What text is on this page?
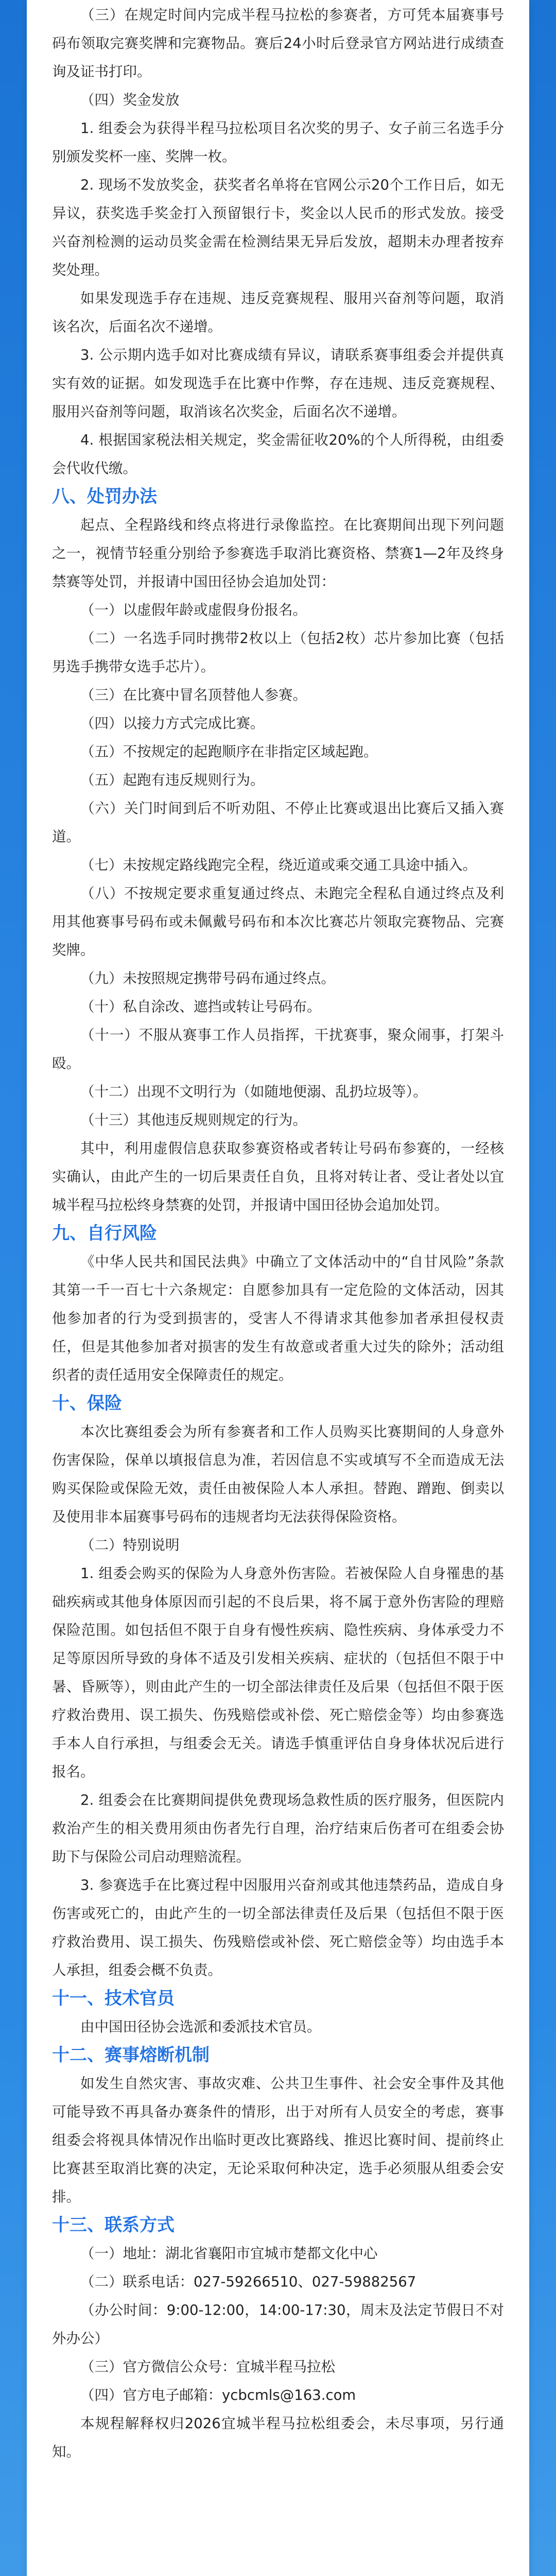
（三）在规定时间内完成半程马拉松的参赛者，方可凭本届赛事号码布领取完赛奖牌和完赛物品。赛后24小时后登录官方网站进行成绩查询及证书打印。

（四）奖金发放

1. 组委会为获得半程马拉松项目名次奖的男子、女子前三名选手分别颁发奖杯一座、奖牌一枚。

2. 现场不发放奖金，获奖者名单将在官网公示20个工作日后，如无异议，获奖选手奖金打入预留银行卡，奖金以人民币的形式发放。接受兴奋剂检测的运动员奖金需在检测结果无异后发放，超期未办理者按弃奖处理。

如果发现选手存在违规、违反竞赛规程、服用兴奋剂等问题，取消该名次，后面名次不递增。

3. 公示期内选手如对比赛成绩有异议，请联系赛事组委会并提供真实有效的证据。如发现选手在比赛中作弊，存在违规、违反竞赛规程、服用兴奋剂等问题，取消该名次奖金，后面名次不递增。

4. 根据国家税法相关规定，奖金需征收20%的个人所得税，由组委会代收代缴。

八、处罚办法

起点、全程路线和终点将进行录像监控。在比赛期间出现下列问题之一，视情节轻重分别给予参赛选手取消比赛资格、禁赛1—2年及终身禁赛等处罚，并报请中国田径协会追加处罚：

（一）以虚假年龄或虚假身份报名。

（二）一名选手同时携带2枚以上（包括2枚）芯片参加比赛（包括男选手携带女选手芯片）。

（三）在比赛中冒名顶替他人参赛。

（四）以接力方式完成比赛。

（五）不按规定的起跑顺序在非指定区域起跑。

（五）起跑有违反规则行为。

（六）关门时间到后不听劝阻、不停止比赛或退出比赛后又插入赛道。

（七）未按规定路线跑完全程，绕近道或乘交通工具途中插入。

（八）不按规定要求重复通过终点、未跑完全程私自通过终点及利用其他赛事号码布或未佩戴号码布和本次比赛芯片领取完赛物品、完赛奖牌。

（九）未按照规定携带号码布通过终点。

（十）私自涂改、遮挡或转让号码布。

（十一）不服从赛事工作人员指挥，干扰赛事，聚众闹事，打架斗殴。

（十二）出现不文明行为（如随地便溺、乱扔垃圾等）。

（十三）其他违反规则规定的行为。

其中，利用虚假信息获取参赛资格或者转让号码布参赛的，一经核实确认，由此产生的一切后果责任自负，且将对转让者、受让者处以宜城半程马拉松终身禁赛的处罚，并报请中国田径协会追加处罚。

九、自行风险

《中华人民共和国民法典》中确立了文体活动中的“自甘风险”条款其第一千一百七十六条规定：自愿参加具有一定危险的文体活动，因其他参加者的行为受到损害的，受害人不得请求其他参加者承担侵权责任，但是其他参加者对损害的发生有故意或者重大过失的除外；活动组织者的责任适用安全保障责任的规定。

十、保险

本次比赛组委会为所有参赛者和工作人员购买比赛期间的人身意外伤害保险，保单以填报信息为准，若因信息不实或填写不全而造成无法购买保险或保险无效，责任由被保险人本人承担。替跑、蹭跑、倒卖以及使用非本届赛事号码布的违规者均无法获得保险资格。

（二）特别说明

1. 组委会购买的保险为人身意外伤害险。若被保险人自身罹患的基础疾病或其他身体原因而引起的不良后果，将不属于意外伤害险的理赔保险范围。如包括但不限于自身有慢性疾病、隐性疾病、身体承受力不足等原因所导致的身体不适及引发相关疾病、症状的（包括但不限于中暑、昏厥等），则由此产生的一切全部法律责任及后果（包括但不限于医疗救治费用、误工损失、伤残赔偿或补偿、死亡赔偿金等）均由参赛选手本人自行承担，与组委会无关。请选手慎重评估自身身体状况后进行报名。

2. 组委会在比赛期间提供免费现场急救性质的医疗服务，但医院内救治产生的相关费用须由伤者先行自理，治疗结束后伤者可在组委会协助下与保险公司启动理赔流程。

3. 参赛选手在比赛过程中因服用兴奋剂或其他违禁药品，造成自身伤害或死亡的，由此产生的一切全部法律责任及后果（包括但不限于医疗救治费用、误工损失、伤残赔偿或补偿、死亡赔偿金等）均由选手本人承担，组委会概不负责。

十一、技术官员

由中国田径协会选派和委派技术官员。

十二、赛事熔断机制

如发生自然灾害、事故灾难、公共卫生事件、社会安全事件及其他可能导致不再具备办赛条件的情形，出于对所有人员安全的考虑，赛事组委会将视具体情况作出临时更改比赛路线、推迟比赛时间、提前终止比赛甚至取消比赛的决定，无论采取何种决定，选手必须服从组委会安排。

十三、联系方式

（一）地址：湖北省襄阳市宜城市楚都文化中心

（二）联系电话：027-59266510、027-59882567

（办公时间：9:00-12:00，14:00-17:30，周末及法定节假日不对外办公）

（三）官方微信公众号：宜城半程马拉松

（四）官方电子邮箱：ycbcmls@163.com

本规程解释权归2026宜城半程马拉松组委会，未尽事项，另行通知。
